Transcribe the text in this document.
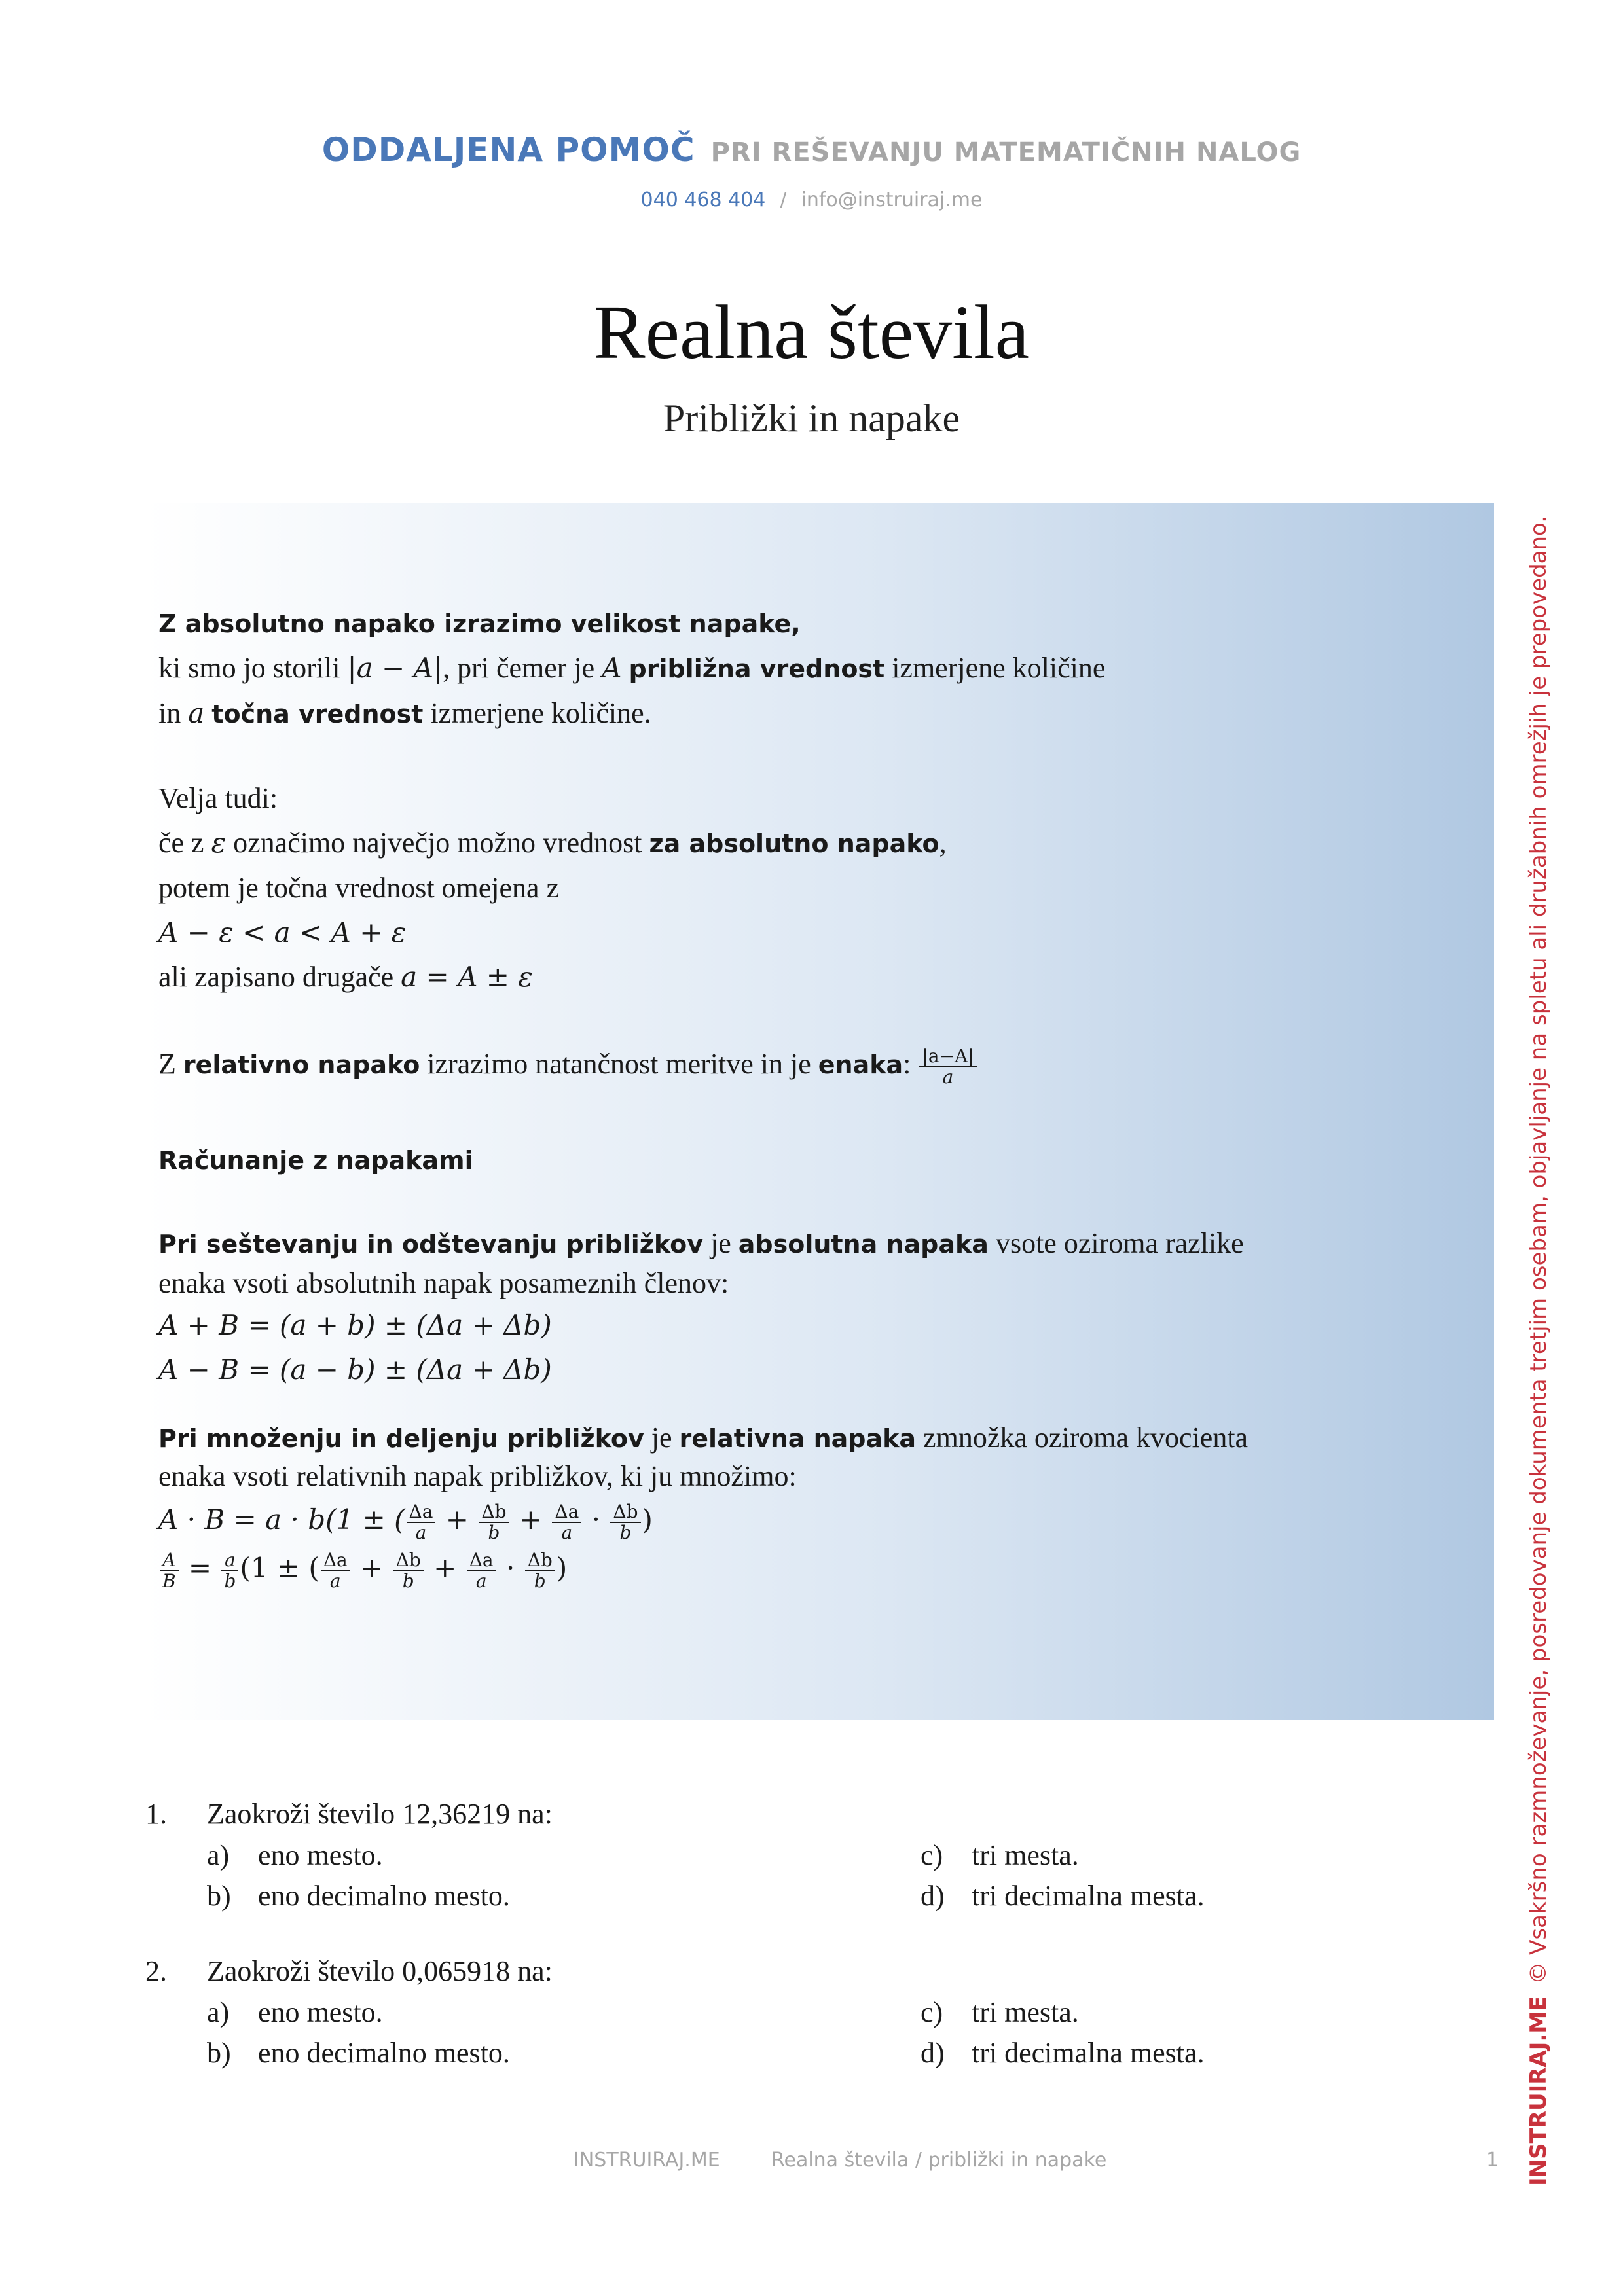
ODDALJENA POMOČ PRI REŠEVANJU MATEMATIČNIH NALOG
040 468 404 / info@instruiraj.me
Realna števila
Približki in napake
Z absolutno napako izrazimo velikost napake,
ki smo jo storili |a − A|, pri čemer je A približna vrednost izmerjene količine
in a točna vrednost izmerjene količine.
Velja tudi:
če z ε označimo največjo možno vrednost za absolutno napako,
potem je točna vrednost omejena z
A − ε < a < A + ε
ali zapisano drugače a = A ± ε
Z relativno napako izrazimo natančnost meritve in je enaka: $\frac{|a-A|}{a}$
Računanje z napakami
Pri seštevanju in odštevanju približkov je absolutna napaka vsote oziroma razlike
enaka vsoti absolutnih napak posameznih členov:
A + B = (a + b) ± (Δa + Δb)
A − B = (a − b) ± (Δa + Δb)
Pri množenju in deljenju približkov je relativna napaka zmnožka oziroma kvocienta
enaka vsoti relativnih napak približkov, ki ju množimo:
A · B = a · b(1 ± ( $\frac{\Delta a}{a} + \frac{\Delta b}{b} + \frac{\Delta a}{a} \cdot \frac{\Delta b}{b}$ )
$\frac{A}{B} = \frac{a}{b} (1$ ± ( $\frac{\Delta a}{a} + \frac{\Delta b}{b} + \frac{\Delta a}{a} \cdot \frac{\Delta b}{b}$ )
1.	Zaokroži število 12,36219 na:
a) eno mesto.	c) tri mesta.
b) eno decimalno mesto.	d) tri decimalna mesta.
2.	Zaokroži število 0,065918 na:
a) eno mesto.	c) tri mesta.
b) eno decimalno mesto.	d) tri decimalna mesta.
INSTRUIRAJ.ME	Realna števila / približki in napake	1 INSTRUIRAJ.ME© Vsakršno razmnoževanje, posredovanje dokumenta tretjim osebam, objavljanje na spletu ali družabnih omrežjih je prepovedano.
